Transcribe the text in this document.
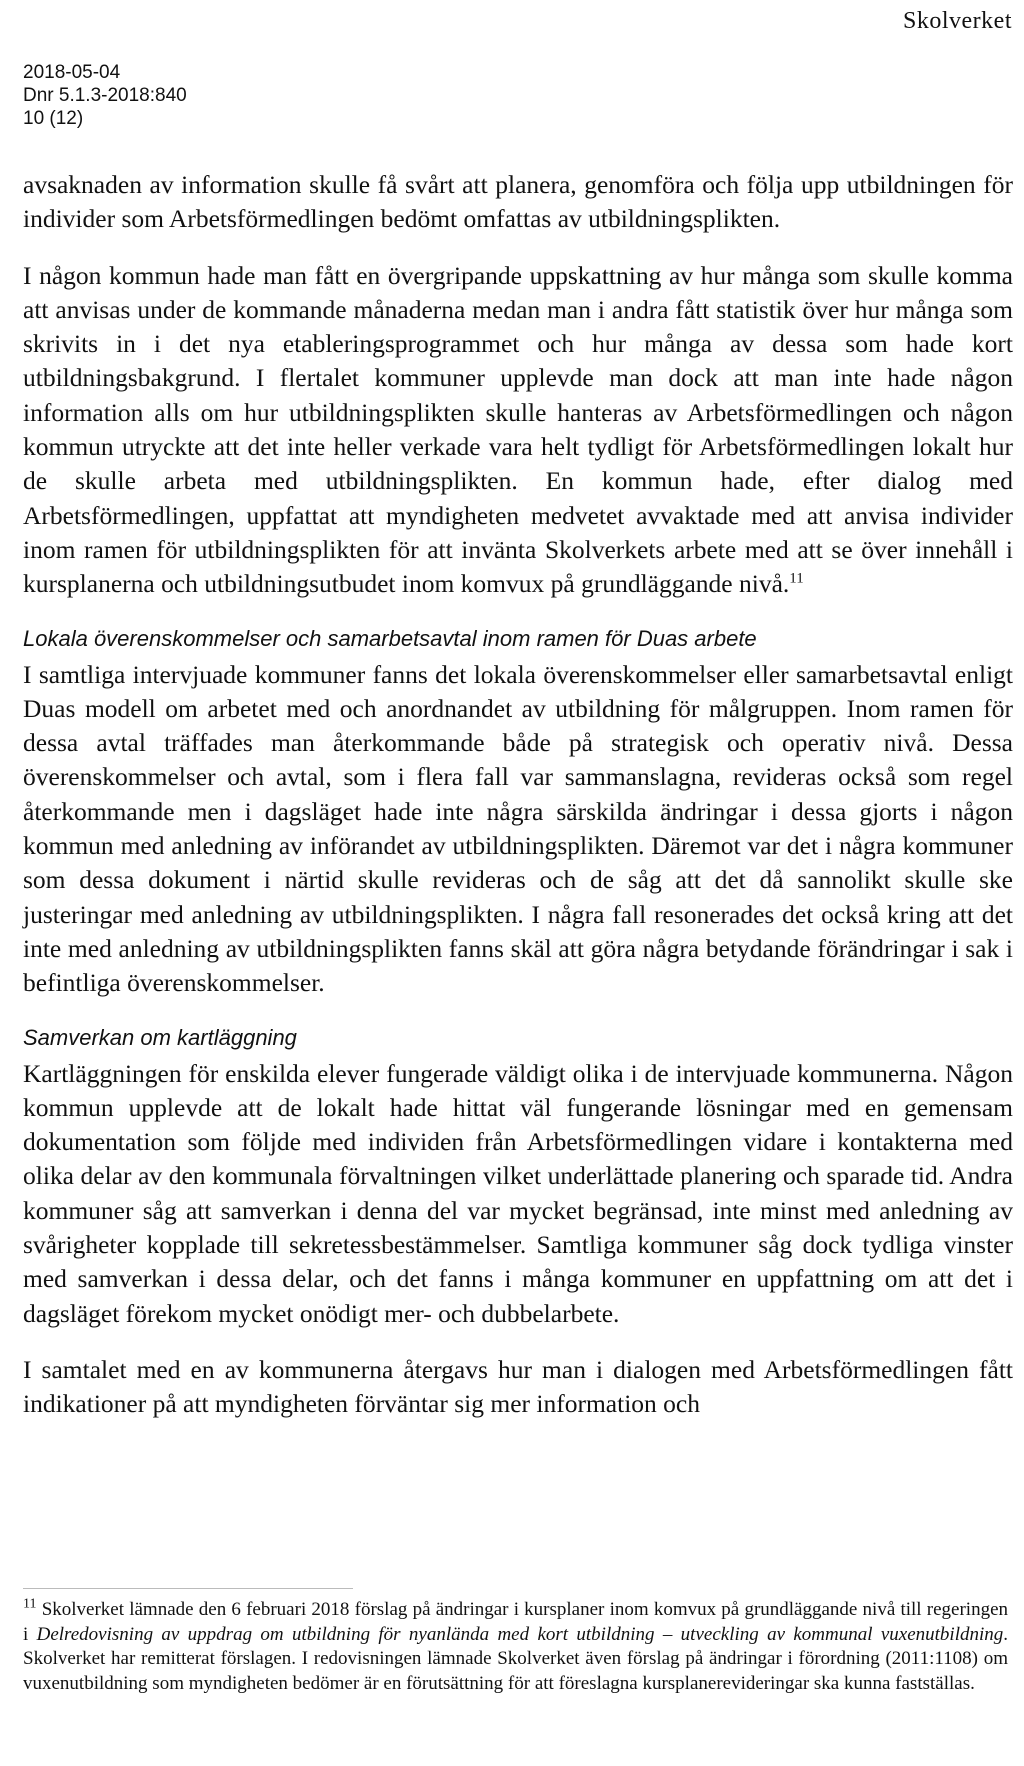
Skolverket
2018-05-04
Dnr 5.1.3-2018:840
10 (12)

avsaknaden av information skulle få svårt att planera, genomföra och följa upp utbildningen för individer som Arbetsförmedlingen bedömt omfattas av utbildningsplikten.

I någon kommun hade man fått en övergripande uppskattning av hur många som skulle komma att anvisas under de kommande månaderna medan man i andra fått statistik över hur många som skrivits in i det nya etableringsprogrammet och hur många av dessa som hade kort utbildningsbakgrund. I flertalet kommuner upplevde man dock att man inte hade någon information alls om hur utbildningsplikten skulle hanteras av Arbetsförmedlingen och någon kommun utryckte att det inte heller verkade vara helt tydligt för Arbetsförmedlingen lokalt hur de skulle arbeta med utbildningsplikten. En kommun hade, efter dialog med Arbetsförmedlingen, uppfattat att myndigheten medvetet avvaktade med att anvisa individer inom ramen för utbildningsplikten för att invänta Skolverkets arbete med att se över innehåll i kursplanerna och utbildningsutbudet inom komvux på grundläggande nivå.$^{11}$

Lokala överenskommelser och samarbetsavtal inom ramen för Duas arbete

I samtliga intervjuade kommuner fanns det lokala överenskommelser eller samarbetsavtal enligt Duas modell om arbetet med och anordnandet av utbildning för målgruppen. Inom ramen för dessa avtal träffades man återkommande både på strategisk och operativ nivå. Dessa överenskommelser och avtal, som i flera fall var sammanslagna, revideras också som regel återkommande men i dagsläget hade inte några särskilda ändringar i dessa gjorts i någon kommun med anledning av införandet av utbildningsplikten. Däremot var det i några kommuner som dessa dokument i närtid skulle revideras och de såg att det då sannolikt skulle ske justeringar med anledning av utbildningsplikten. I några fall resonerades det också kring att det inte med anledning av utbildningsplikten fanns skäl att göra några betydande förändringar i sak i befintliga överenskommelser.

Samverkan om kartläggning

Kartläggningen för enskilda elever fungerade väldigt olika i de intervjuade kommunerna. Någon kommun upplevde att de lokalt hade hittat väl fungerande lösningar med en gemensam dokumentation som följde med individen från Arbetsförmedlingen vidare i kontakterna med olika delar av den kommunala förvaltningen vilket underlättade planering och sparade tid. Andra kommuner såg att samverkan i denna del var mycket begränsad, inte minst med anledning av svårigheter kopplade till sekretessbestämmelser. Samtliga kommuner såg dock tydliga vinster med samverkan i dessa delar, och det fanns i många kommuner en uppfattning om att det i dagsläget förekom mycket onödigt mer- och dubbelarbete.

I samtalet med en av kommunerna återgavs hur man i dialogen med Arbetsförmedlingen fått indikationer på att myndigheten förväntar sig mer information och

$^{11}$ Skolverket lämnade den 6 februari 2018 förslag på ändringar i kursplaner inom komvux på grundläggande nivå till regeringen i Delredovisning av uppdrag om utbildning för nyanlända med kort utbildning – utveckling av kommunal vuxenutbildning. Skolverket har remitterat förslagen. I redovisningen lämnade Skolverket även förslag på ändringar i förordning (2011:1108) om vuxenutbildning som myndigheten bedömer är en förutsättning för att föreslagna kursplanerevideringar ska kunna fastställas.
